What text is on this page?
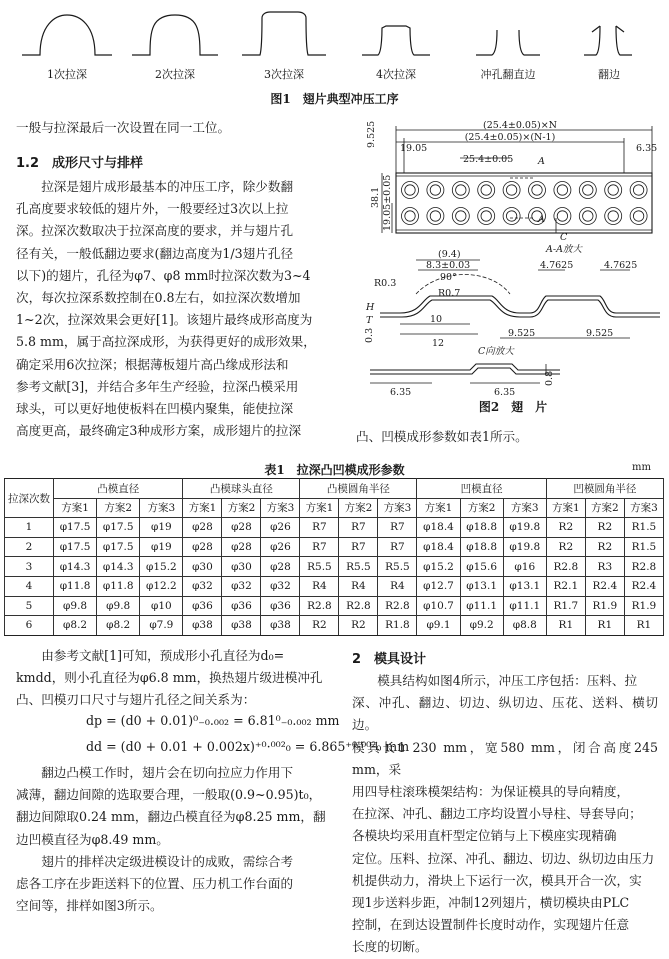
1次拉深	2次拉深	3次拉深	4次拉深	冲孔翻直边	翻边
图1　翅片典型冲压工序
一般与拉深最后一次设置在同一工位。
1.2　成形尺寸与排样
拉深是翅片成形最基本的冲压工序，除少数翻
孔高度要求较低的翅片外，一般要经过3次以上拉
深。拉深次数取决于拉深高度的要求，并与翅片孔
径有关，一般低翻边要求(翻边高度为1/3翅片孔径
以下)的翅片，孔径为φ7、φ8 mm时拉深次数为3~4
次，每次拉深系数控制在0.8左右，如拉深次数增加
1~2次，拉深效果会更好[1]。该翅片最终成形高度为
5.8 mm，属于高拉深成形，为获得更好的成形效果，
确定采用6次拉深；根据薄板翅片高凸缘成形法和
参考文献[3]，并结合多年生产经验，拉深凸模采用
球头，可以更好地使板料在凹模内聚集，能使拉深
高度更高，最终确定3种成形方案，成形翅片的拉深
(25.4±0.05)×N
(25.4±0.05)×(N-1)
19.05	6.35
25.4±0.05
9.525
38.1 19.05±0.05
A
A
C
A-A放大
(9.4)
8.3±0.03
90°
4.7625	4.7625
R0.3
R0.7
H
T
0.3
10
12
9.525	9.525
C向放大
6.35	6.35
0.8
图2　翅　片
凸、凹模成形参数如表1所示。
表1　拉深凸凹模成形参数	mm
拉深次数	凸模直径			凸模球头直径			凸模圆角半径			凹模直径			凹模圆角半径		
	方案1	方案2	方案3	方案1	方案2	方案3	方案1	方案2	方案3	方案1	方案2	方案3	方案1	方案2	方案3
1	φ17.5	φ17.5	φ19	φ28	φ28	φ26	R7	R7	R7	φ18.4	φ18.8	φ19.8	R2	R2	R1.5
2	φ17.5	φ17.5	φ19	φ28	φ28	φ26	R7	R7	R7	φ18.4	φ18.8	φ19.8	R2	R2	R1.5
3	φ14.3	φ14.3	φ15.2	φ30	φ30	φ28	R5.5	R5.5	R5.5	φ15.2	φ15.6	φ16	R2.8	R3	R2.8
4	φ11.8	φ11.8	φ12.2	φ32	φ32	φ32	R4	R4	R4	φ12.7	φ13.1	φ13.1	R2.1	R2.4	R2.4
5	φ9.8	φ9.8	φ10	φ36	φ36	φ36	R2.8	R2.8	R2.8	φ10.7	φ11.1	φ11.1	R1.7	R1.9	R1.9
6	φ8.2	φ8.2	φ7.9	φ38	φ38	φ38	R2	R2	R1.8	φ9.1	φ9.2	φ8.8	R1	R1	R1
由参考文献[1]可知，预成形小孔直径为d₀=
kmdd，则小孔直径为φ6.8 mm，换热翅片级进模冲孔
凸、凹模刃口尺寸与翅片孔径之间关系为：
dp = (d0 + 0.01)⁰₋₀.₀₀₂ = 6.81⁰₋₀.₀₀₂ mm
dd = (d0 + 0.01 + 0.002x)⁺⁰·⁰⁰²₀ = 6.865⁺⁰·⁰⁰²₀ mm
翻边凸模工作时，翅片会在切向拉应力作用下
减薄，翻边间隙的选取要合理，一般取(0.9~0.95)t₀，
翻边间隙取0.24 mm，翻边凸模直径为φ8.25 mm，翻
边凹模直径为φ8.49 mm。
翅片的排样决定级进模设计的成败，需综合考
虑各工序在步距送料下的位置、压力机工作台面的
空间等，排样如图3所示。
2　模具设计
模具结构如图4所示，冲压工序包括：压料、拉
深、冲孔、翻边、切边、纵切边、压花、送料、横切边。
模具长1 230 mm，宽580 mm，闭合高度245 mm，采
用四导柱滚珠模架结构：为保证模具的导向精度，
在拉深、冲孔、翻边工序均设置小导柱、导套导向；
各模块均采用直杆型定位销与上下模座实现精确
定位。压料、拉深、冲孔、翻边、切边、纵切边由压力
机提供动力，滑块上下运行一次，模具开合一次，实
现1步送料步距，冲制12列翅片，横切模块由PLC
控制，在到达设置制件长度时动作，实现翅片任意
长度的切断。
